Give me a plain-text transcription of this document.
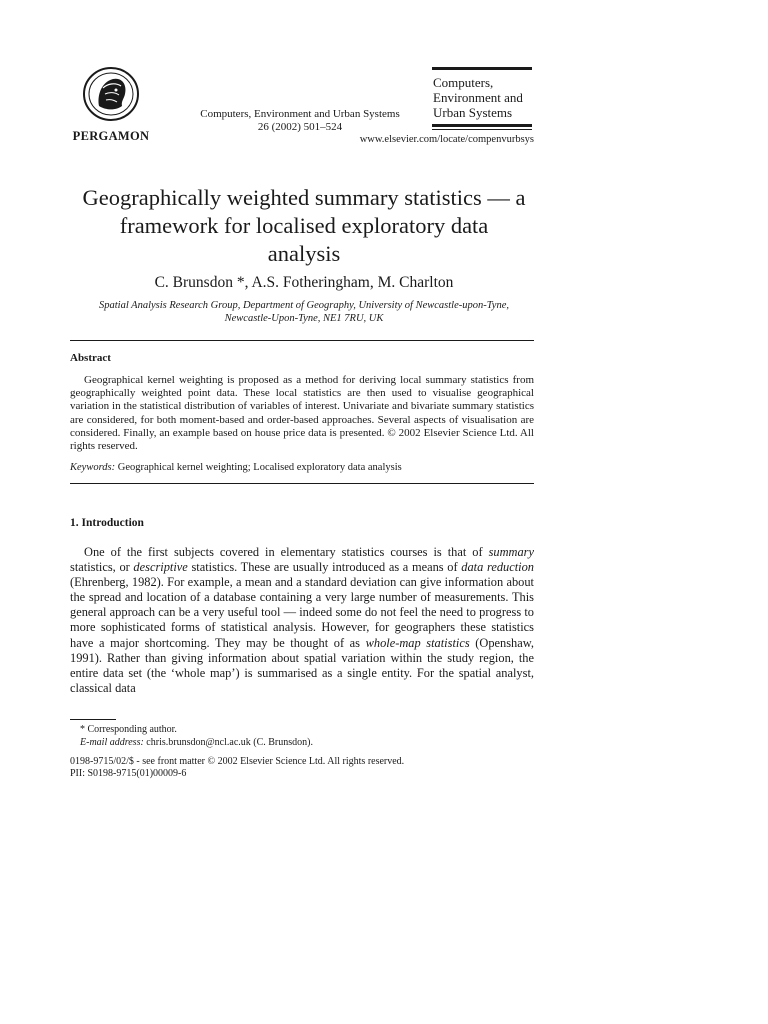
PERGAMON
Computers, Environment and Urban Systems
26 (2002) 501–524
Computers,
Environment and
Urban Systems
www.elsevier.com/locate/compenvurbsys
Geographically weighted summary statistics — a
framework for localised exploratory data
analysis
C. Brunsdon *, A.S. Fotheringham, M. Charlton
Spatial Analysis Research Group, Department of Geography, University of Newcastle-upon-Tyne,
Newcastle-Upon-Tyne, NE1 7RU, UK
Abstract
Geographical kernel weighting is proposed as a method for deriving local summary statistics from geographically weighted point data. These local statistics are then used to visualise geographical variation in the statistical distribution of variables of interest. Univariate and bivariate summary statistics are considered, for both moment-based and order-based approaches. Several aspects of visualisation are considered. Finally, an example based on house price data is presented. © 2002 Elsevier Science Ltd. All rights reserved.
Keywords: Geographical kernel weighting; Localised exploratory data analysis
1. Introduction
One of the first subjects covered in elementary statistics courses is that of summary statistics, or descriptive statistics. These are usually introduced as a means of data reduction (Ehrenberg, 1982). For example, a mean and a standard deviation can give information about the spread and location of a database containing a very large number of measurements. This general approach can be a very useful tool — indeed some do not feel the need to progress to more sophisticated forms of statistical analysis. However, for geographers these statistics have a major shortcoming. They may be thought of as whole-map statistics (Openshaw, 1991). Rather than giving information about spatial variation within the study region, the entire data set (the ‘whole map’) is summarised as a single entity. For the spatial analyst, classical data
* Corresponding author.
E-mail address: chris.brunsdon@ncl.ac.uk (C. Brunsdon).
0198-9715/02/$ - see front matter © 2002 Elsevier Science Ltd. All rights reserved.
PII: S0198-9715(01)00009-6
